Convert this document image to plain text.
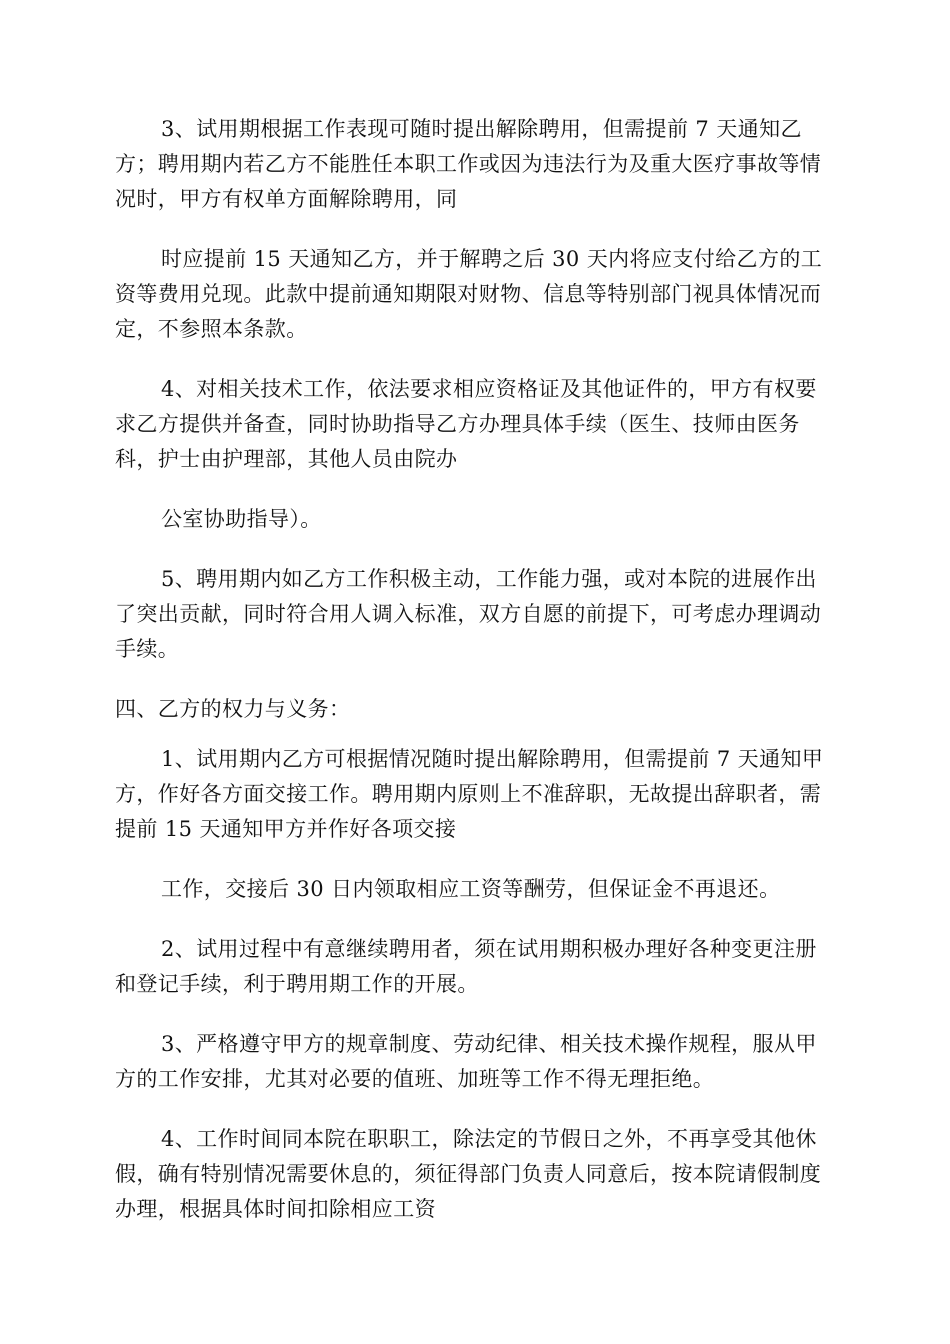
3、试用期根据工作表现可随时提出解除聘用，但需提前 7 天通知乙方；聘用期内若乙方不能胜任本职工作或因为违法行为及重大医疗事故等情况时，甲方有权单方面解除聘用，同

时应提前 15 天通知乙方，并于解聘之后 30 天内将应支付给乙方的工资等费用兑现。此款中提前通知期限对财物、信息等特别部门视具体情况而定，不参照本条款。

4、对相关技术工作，依法要求相应资格证及其他证件的，甲方有权要求乙方提供并备查，同时协助指导乙方办理具体手续（医生、技师由医务科，护士由护理部，其他人员由院办

公室协助指导）。

5、聘用期内如乙方工作积极主动，工作能力强，或对本院的进展作出了突出贡献，同时符合用人调入标准，双方自愿的前提下，可考虑办理调动手续。

四、乙方的权力与义务：

1、试用期内乙方可根据情况随时提出解除聘用，但需提前 7 天通知甲方，作好各方面交接工作。聘用期内原则上不准辞职，无故提出辞职者，需提前 15 天通知甲方并作好各项交接

工作，交接后 30 日内领取相应工资等酬劳，但保证金不再退还。

2、试用过程中有意继续聘用者，须在试用期积极办理好各种变更注册和登记手续，利于聘用期工作的开展。

3、严格遵守甲方的规章制度、劳动纪律、相关技术操作规程，服从甲方的工作安排，尤其对必要的值班、加班等工作不得无理拒绝。

4、工作时间同本院在职职工，除法定的节假日之外，不再享受其他休假，确有特别情况需要休息的，须征得部门负责人同意后，按本院请假制度办理，根据具体时间扣除相应工资
